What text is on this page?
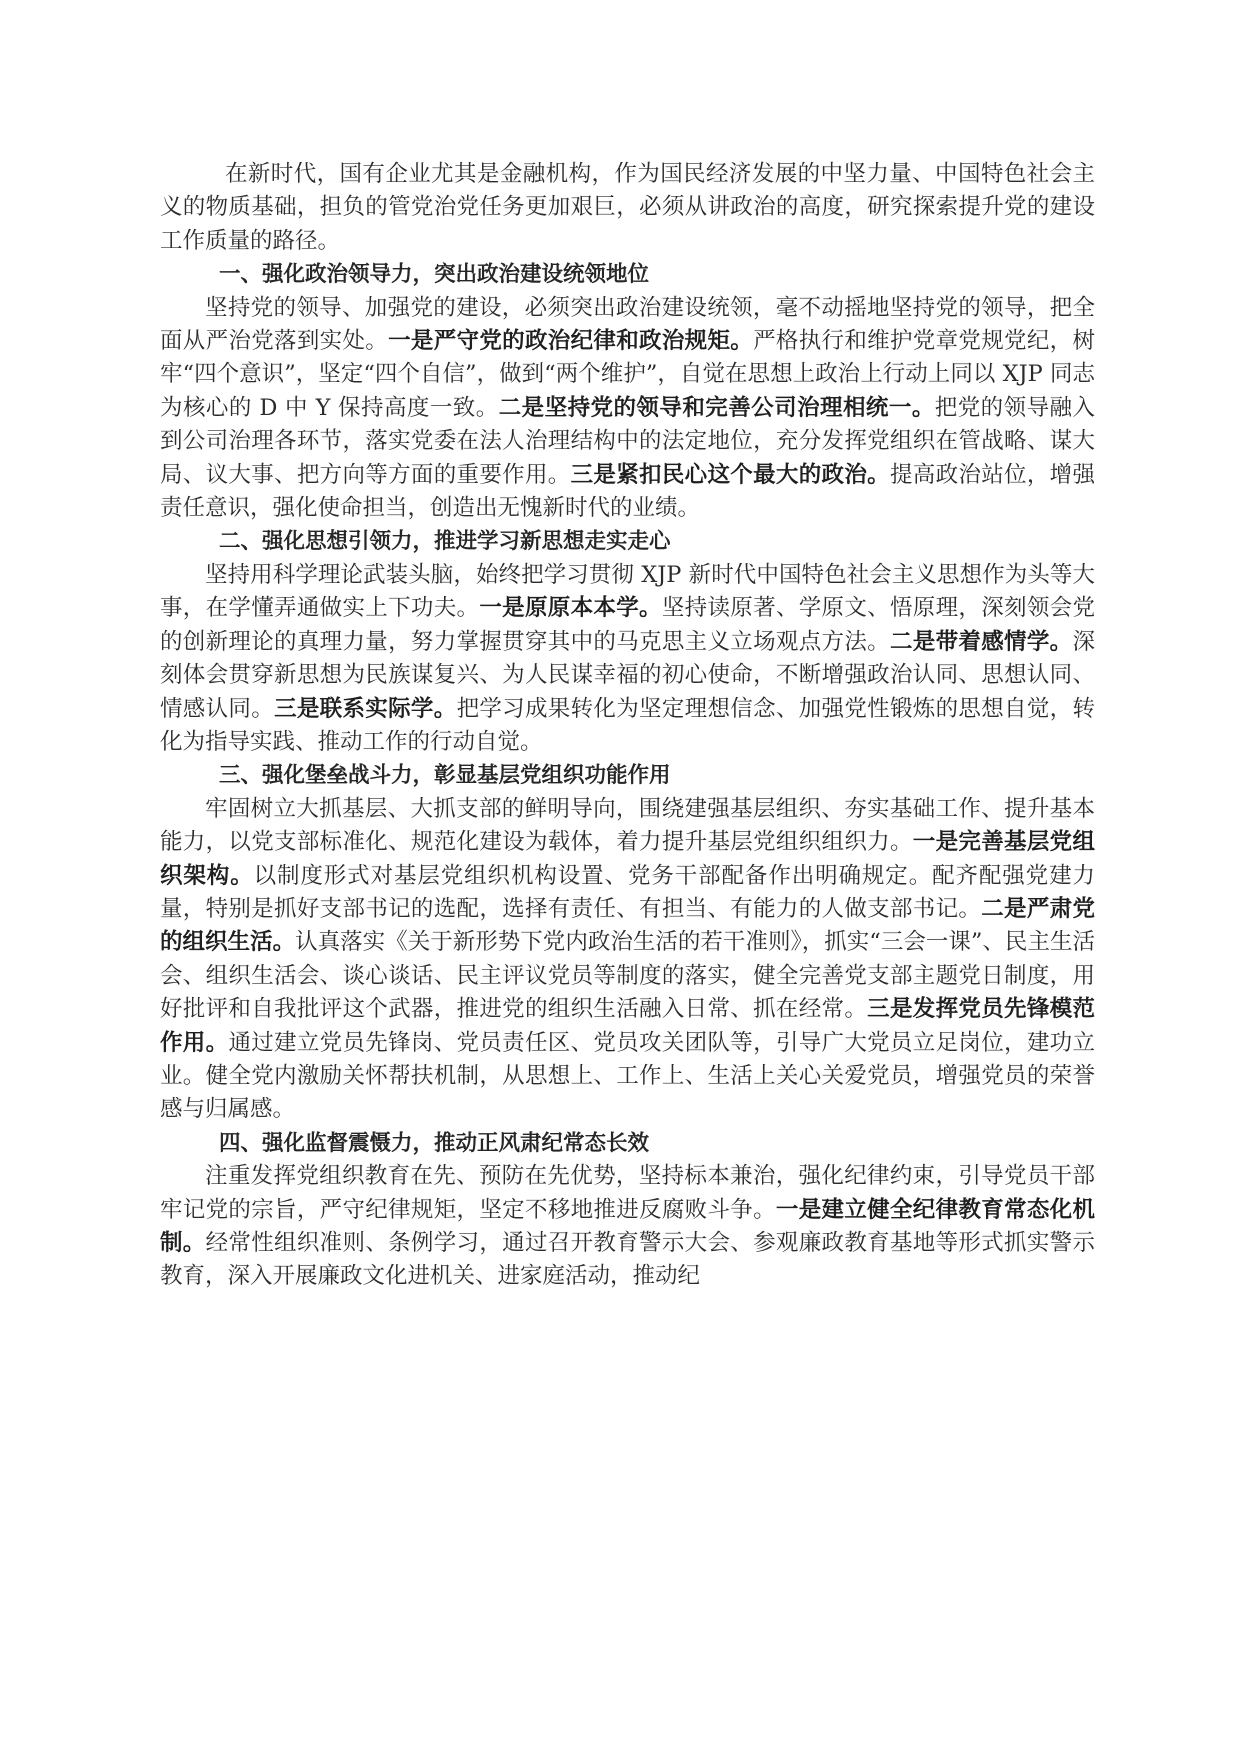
在新时代，国有企业尤其是金融机构，作为国民经济发展的中坚力量、中国特色社会主义的物质基础，担负的管党治党任务更加艰巨，必须从讲政治的高度，研究探索提升党的建设工作质量的路径。

一、强化政治领导力，突出政治建设统领地位

坚持党的领导、加强党的建设，必须突出政治建设统领，毫不动摇地坚持党的领导，把全面从严治党落到实处。一是严守党的政治纪律和政治规矩。严格执行和维护党章党规党纪，树牢“四个意识”，坚定“四个自信”，做到“两个维护”，自觉在思想上政治上行动上同以 XJP 同志为核心的 D 中 Y 保持高度一致。二是坚持党的领导和完善公司治理相统一。把党的领导融入到公司治理各环节，落实党委在法人治理结构中的法定地位，充分发挥党组织在管战略、谋大局、议大事、把方向等方面的重要作用。三是紧扣民心这个最大的政治。提高政治站位，增强责任意识，强化使命担当，创造出无愧新时代的业绩。

二、强化思想引领力，推进学习新思想走实走心

坚持用科学理论武装头脑，始终把学习贯彻 XJP 新时代中国特色社会主义思想作为头等大事，在学懂弄通做实上下功夫。一是原原本本学。坚持读原著、学原文、悟原理，深刻领会党的创新理论的真理力量，努力掌握贯穿其中的马克思主义立场观点方法。二是带着感情学。深刻体会贯穿新思想为民族谋复兴、为人民谋幸福的初心使命，不断增强政治认同、思想认同、情感认同。三是联系实际学。把学习成果转化为坚定理想信念、加强党性锻炼的思想自觉，转化为指导实践、推动工作的行动自觉。

三、强化堡垒战斗力，彰显基层党组织功能作用

牢固树立大抓基层、大抓支部的鲜明导向，围绕建强基层组织、夯实基础工作、提升基本能力，以党支部标准化、规范化建设为载体，着力提升基层党组织组织力。一是完善基层党组织架构。以制度形式对基层党组织机构设置、党务干部配备作出明确规定。配齐配强党建力量，特别是抓好支部书记的选配，选择有责任、有担当、有能力的人做支部书记。二是严肃党的组织生活。认真落实《关于新形势下党内政治生活的若干准则》，抓实“三会一课”、民主生活会、组织生活会、谈心谈话、民主评议党员等制度的落实，健全完善党支部主题党日制度，用好批评和自我批评这个武器，推进党的组织生活融入日常、抓在经常。三是发挥党员先锋模范作用。通过建立党员先锋岗、党员责任区、党员攻关团队等，引导广大党员立足岗位，建功立业。健全党内激励关怀帮扶机制，从思想上、工作上、生活上关心关爱党员，增强党员的荣誉感与归属感。

四、强化监督震慑力，推动正风肃纪常态长效

注重发挥党组织教育在先、预防在先优势，坚持标本兼治，强化纪律约束，引导党员干部牢记党的宗旨，严守纪律规矩，坚定不移地推进反腐败斗争。一是建立健全纪律教育常态化机制。经常性组织准则、条例学习，通过召开教育警示大会、参观廉政教育基地等形式抓实警示教育，深入开展廉政文化进机关、进家庭活动，推动纪
